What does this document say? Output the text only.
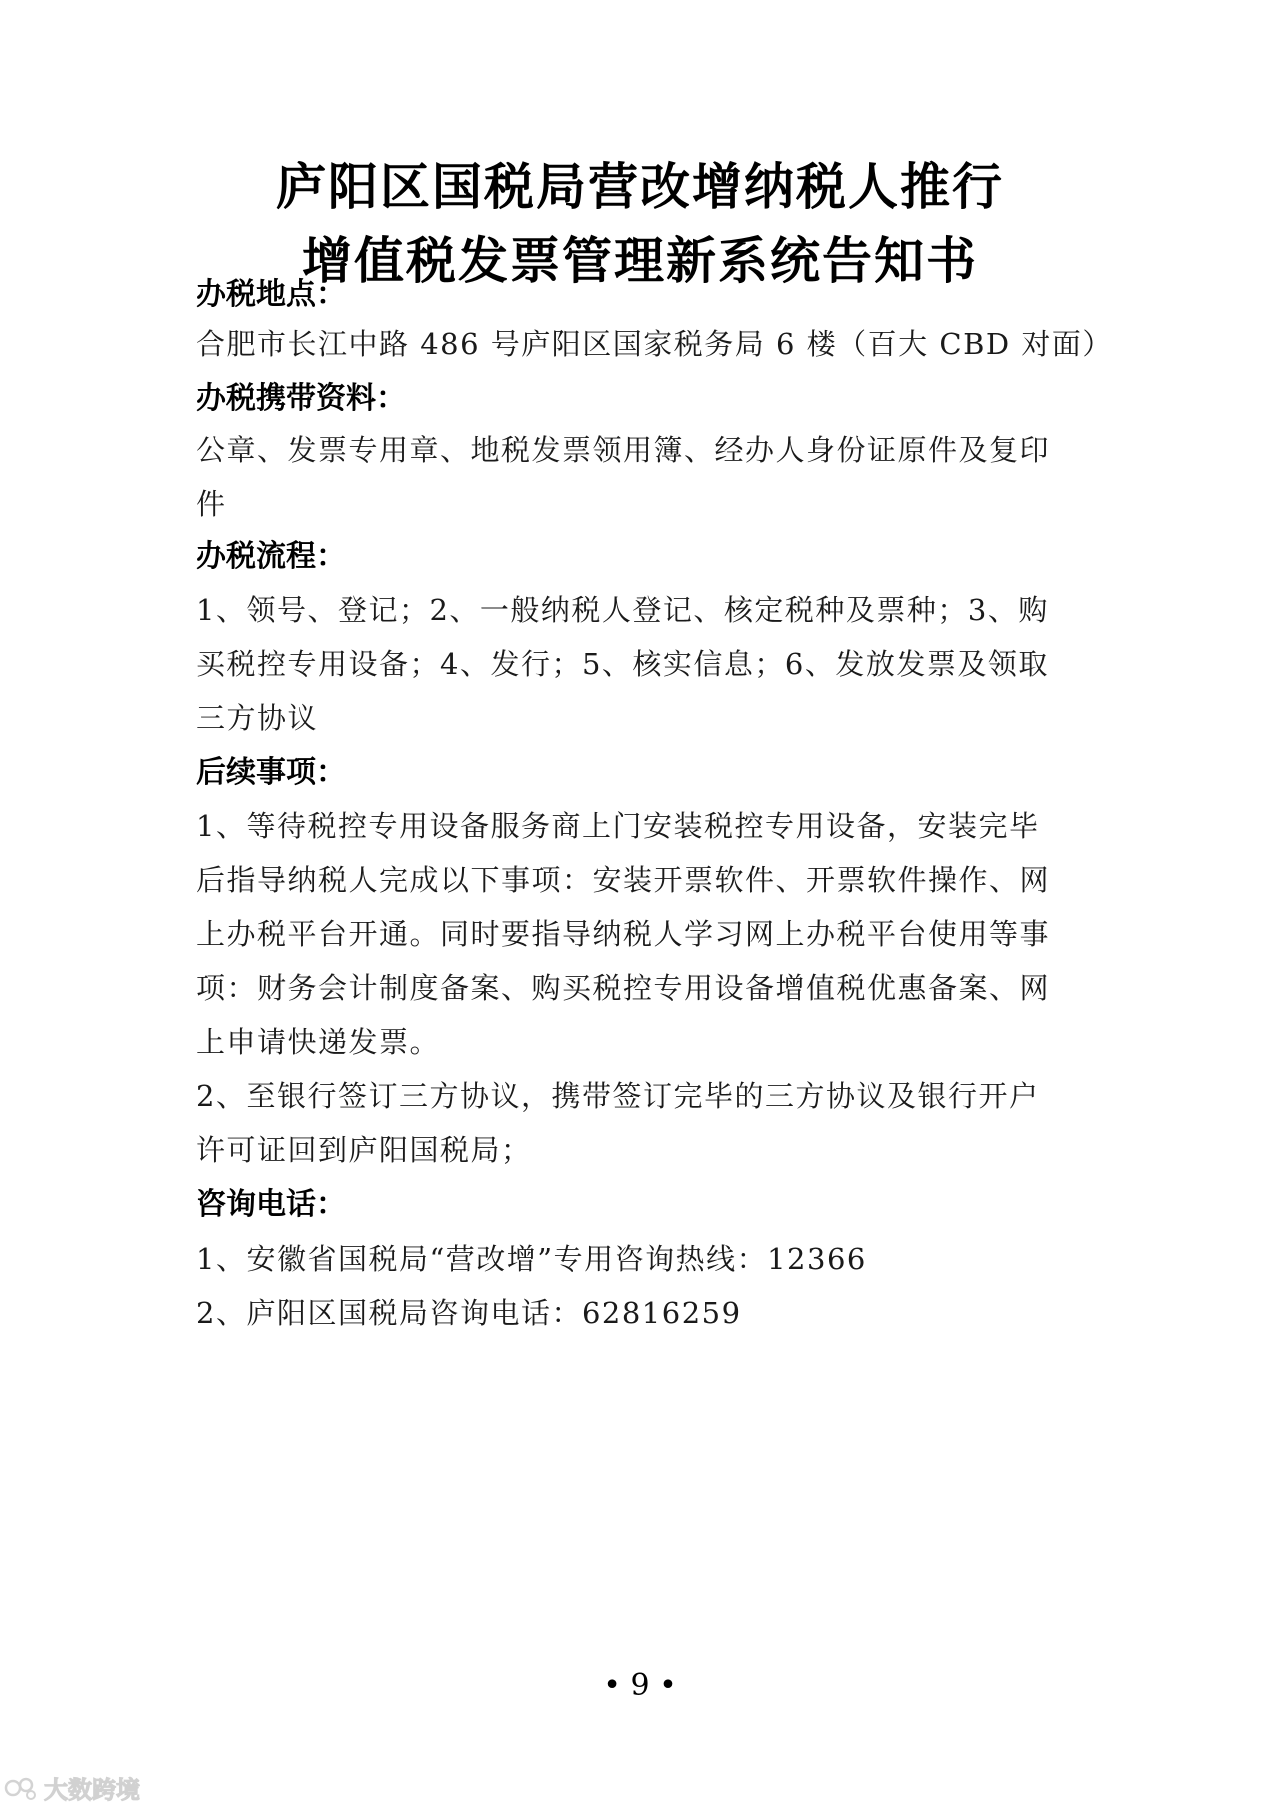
庐阳区国税局营改增纳税人推行
增值税发票管理新系统告知书
办税地点：

合肥市长江中路 486 号庐阳区国家税务局 6 楼（百大 CBD 对面）

办税携带资料：

公章、发票专用章、地税发票领用簿、经办人身份证原件及复印

件

办税流程：

1、领号、登记；2、一般纳税人登记、核定税种及票种；3、购

买税控专用设备；4、发行；5、核实信息；6、发放发票及领取

三方协议

后续事项：

1、等待税控专用设备服务商上门安装税控专用设备，安装完毕

后指导纳税人完成以下事项：安装开票软件、开票软件操作、网

上办税平台开通。同时要指导纳税人学习网上办税平台使用等事

项：财务会计制度备案、购买税控专用设备增值税优惠备案、网

上申请快递发票。

2、至银行签订三方协议，携带签订完毕的三方协议及银行开户

许可证回到庐阳国税局；

咨询电话：

1、安徽省国税局“营改增”专用咨询热线：12366

2、庐阳区国税局咨询电话：62816259

• 9 •
大数跨境
